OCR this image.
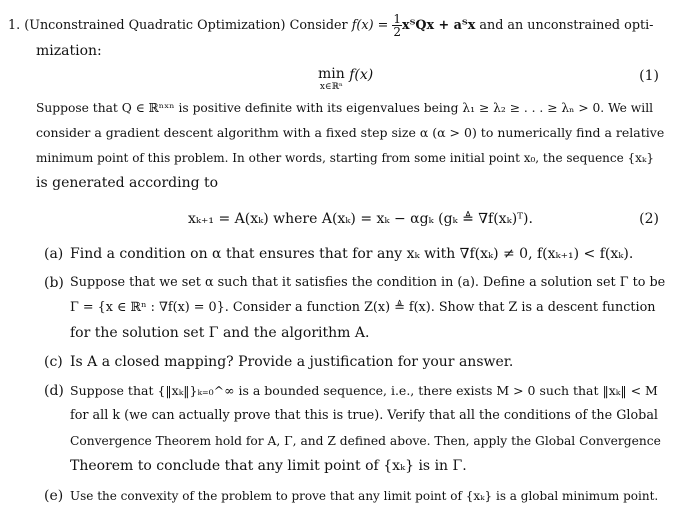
1. (Unconstrained Quadratic Optimization) Consider $f(x) = \frac{1}{2}$ xᵀQx + aᵀx and an unconstrained opti-
mization:
min
x∈ℝⁿ
f(x)	(1)
Suppose that Q ∈ ℝⁿˣⁿ is positive definite with its eigenvalues being λ₁ ≥ λ₂ ≥ . . . ≥ λₙ > 0. We will
consider a gradient descent algorithm with a fixed step size α (α > 0) to numerically find a relative
minimum point of this problem. In other words, starting from some initial point x₀, the sequence {xₖ}
is generated according to
xₖ₊₁ = A(xₖ) where A(xₖ) = xₖ − αgₖ (gₖ ≜ ∇f(xₖ)ᵀ).	(2)
(a) Find a condition on α that ensures that for any xₖ with ∇f(xₖ) ≠ 0, f(xₖ₊₁) < f(xₖ).
(b) Suppose that we set α such that it satisfies the condition in (a). Define a solution set Γ to be
Γ = {x ∈ ℝⁿ : ∇f(x) = 0}. Consider a function Z(x) ≜ f(x). Show that Z is a descent function
for the solution set Γ and the algorithm A.
(c) Is A a closed mapping? Provide a justification for your answer.
(d) Suppose that {‖xₖ‖}ₖ₌₀^∞ is a bounded sequence, i.e., there exists M > 0 such that ‖xₖ‖ < M
for all k (we can actually prove that this is true). Verify that all the conditions of the Global
Convergence Theorem hold for A, Γ, and Z defined above. Then, apply the Global Convergence
Theorem to conclude that any limit point of {xₖ} is in Γ.
(e) Use the convexity of the problem to prove that any limit point of {xₖ} is a global minimum point.
